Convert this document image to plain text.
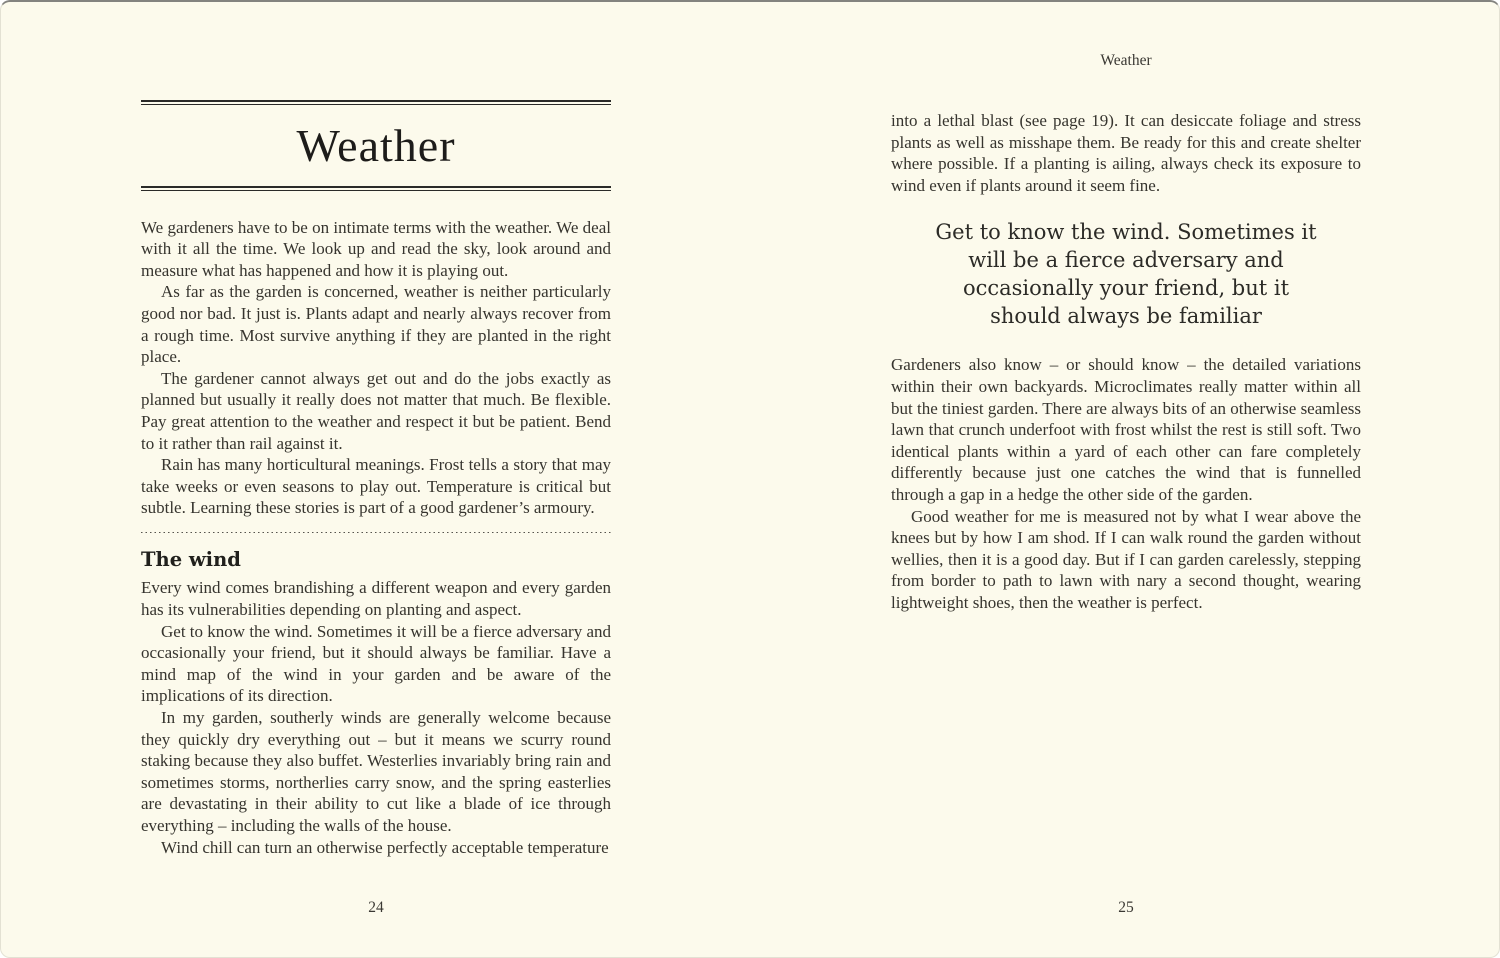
Weather

We gardeners have to be on intimate terms with the weather. We deal with it all the time. We look up and read the sky, look around and measure what has happened and how it is playing out.

As far as the garden is concerned, weather is neither particularly good nor bad. It just is. Plants adapt and nearly always recover from a rough time. Most survive anything if they are planted in the right place.

The gardener cannot always get out and do the jobs exactly as planned but usually it really does not matter that much. Be flexible. Pay great attention to the weather and respect it but be patient. Bend to it rather than rail against it.

Rain has many horticultural meanings. Frost tells a story that may take weeks or even seasons to play out. Temperature is critical but subtle. Learning these stories is part of a good gardener’s armoury.

The wind

Every wind comes brandishing a different weapon and every garden has its vulnerabilities depending on planting and aspect.

Get to know the wind. Sometimes it will be a fierce adversary and occasionally your friend, but it should always be familiar. Have a mind map of the wind in your garden and be aware of the implications of its direction.

In my garden, southerly winds are generally welcome because they quickly dry everything out – but it means we scurry round staking because they also buffet. Westerlies invariably bring rain and sometimes storms, northerlies carry snow, and the spring easterlies are devastating in their ability to cut like a blade of ice through everything – including the walls of the house.

Wind chill can turn an otherwise perfectly acceptable temperature

Weather

into a lethal blast (see page 19). It can desiccate foliage and stress plants as well as misshape them. Be ready for this and create shelter where possible. If a planting is ailing, always check its exposure to wind even if plants around it seem fine.

Get to know the wind. Sometimes it
will be a fierce adversary and
occasionally your friend, but it
should always be familiar

Gardeners also know – or should know – the detailed variations within their own backyards. Microclimates really matter within all but the tiniest garden. There are always bits of an otherwise seamless lawn that crunch underfoot with frost whilst the rest is still soft. Two identical plants within a yard of each other can fare completely differently because just one catches the wind that is funnelled through a gap in a hedge the other side of the garden.

Good weather for me is measured not by what I wear above the knees but by how I am shod. If I can walk round the garden without wellies, then it is a good day. But if I can garden carelessly, stepping from border to path to lawn with nary a second thought, wearing lightweight shoes, then the weather is perfect.

24	25
